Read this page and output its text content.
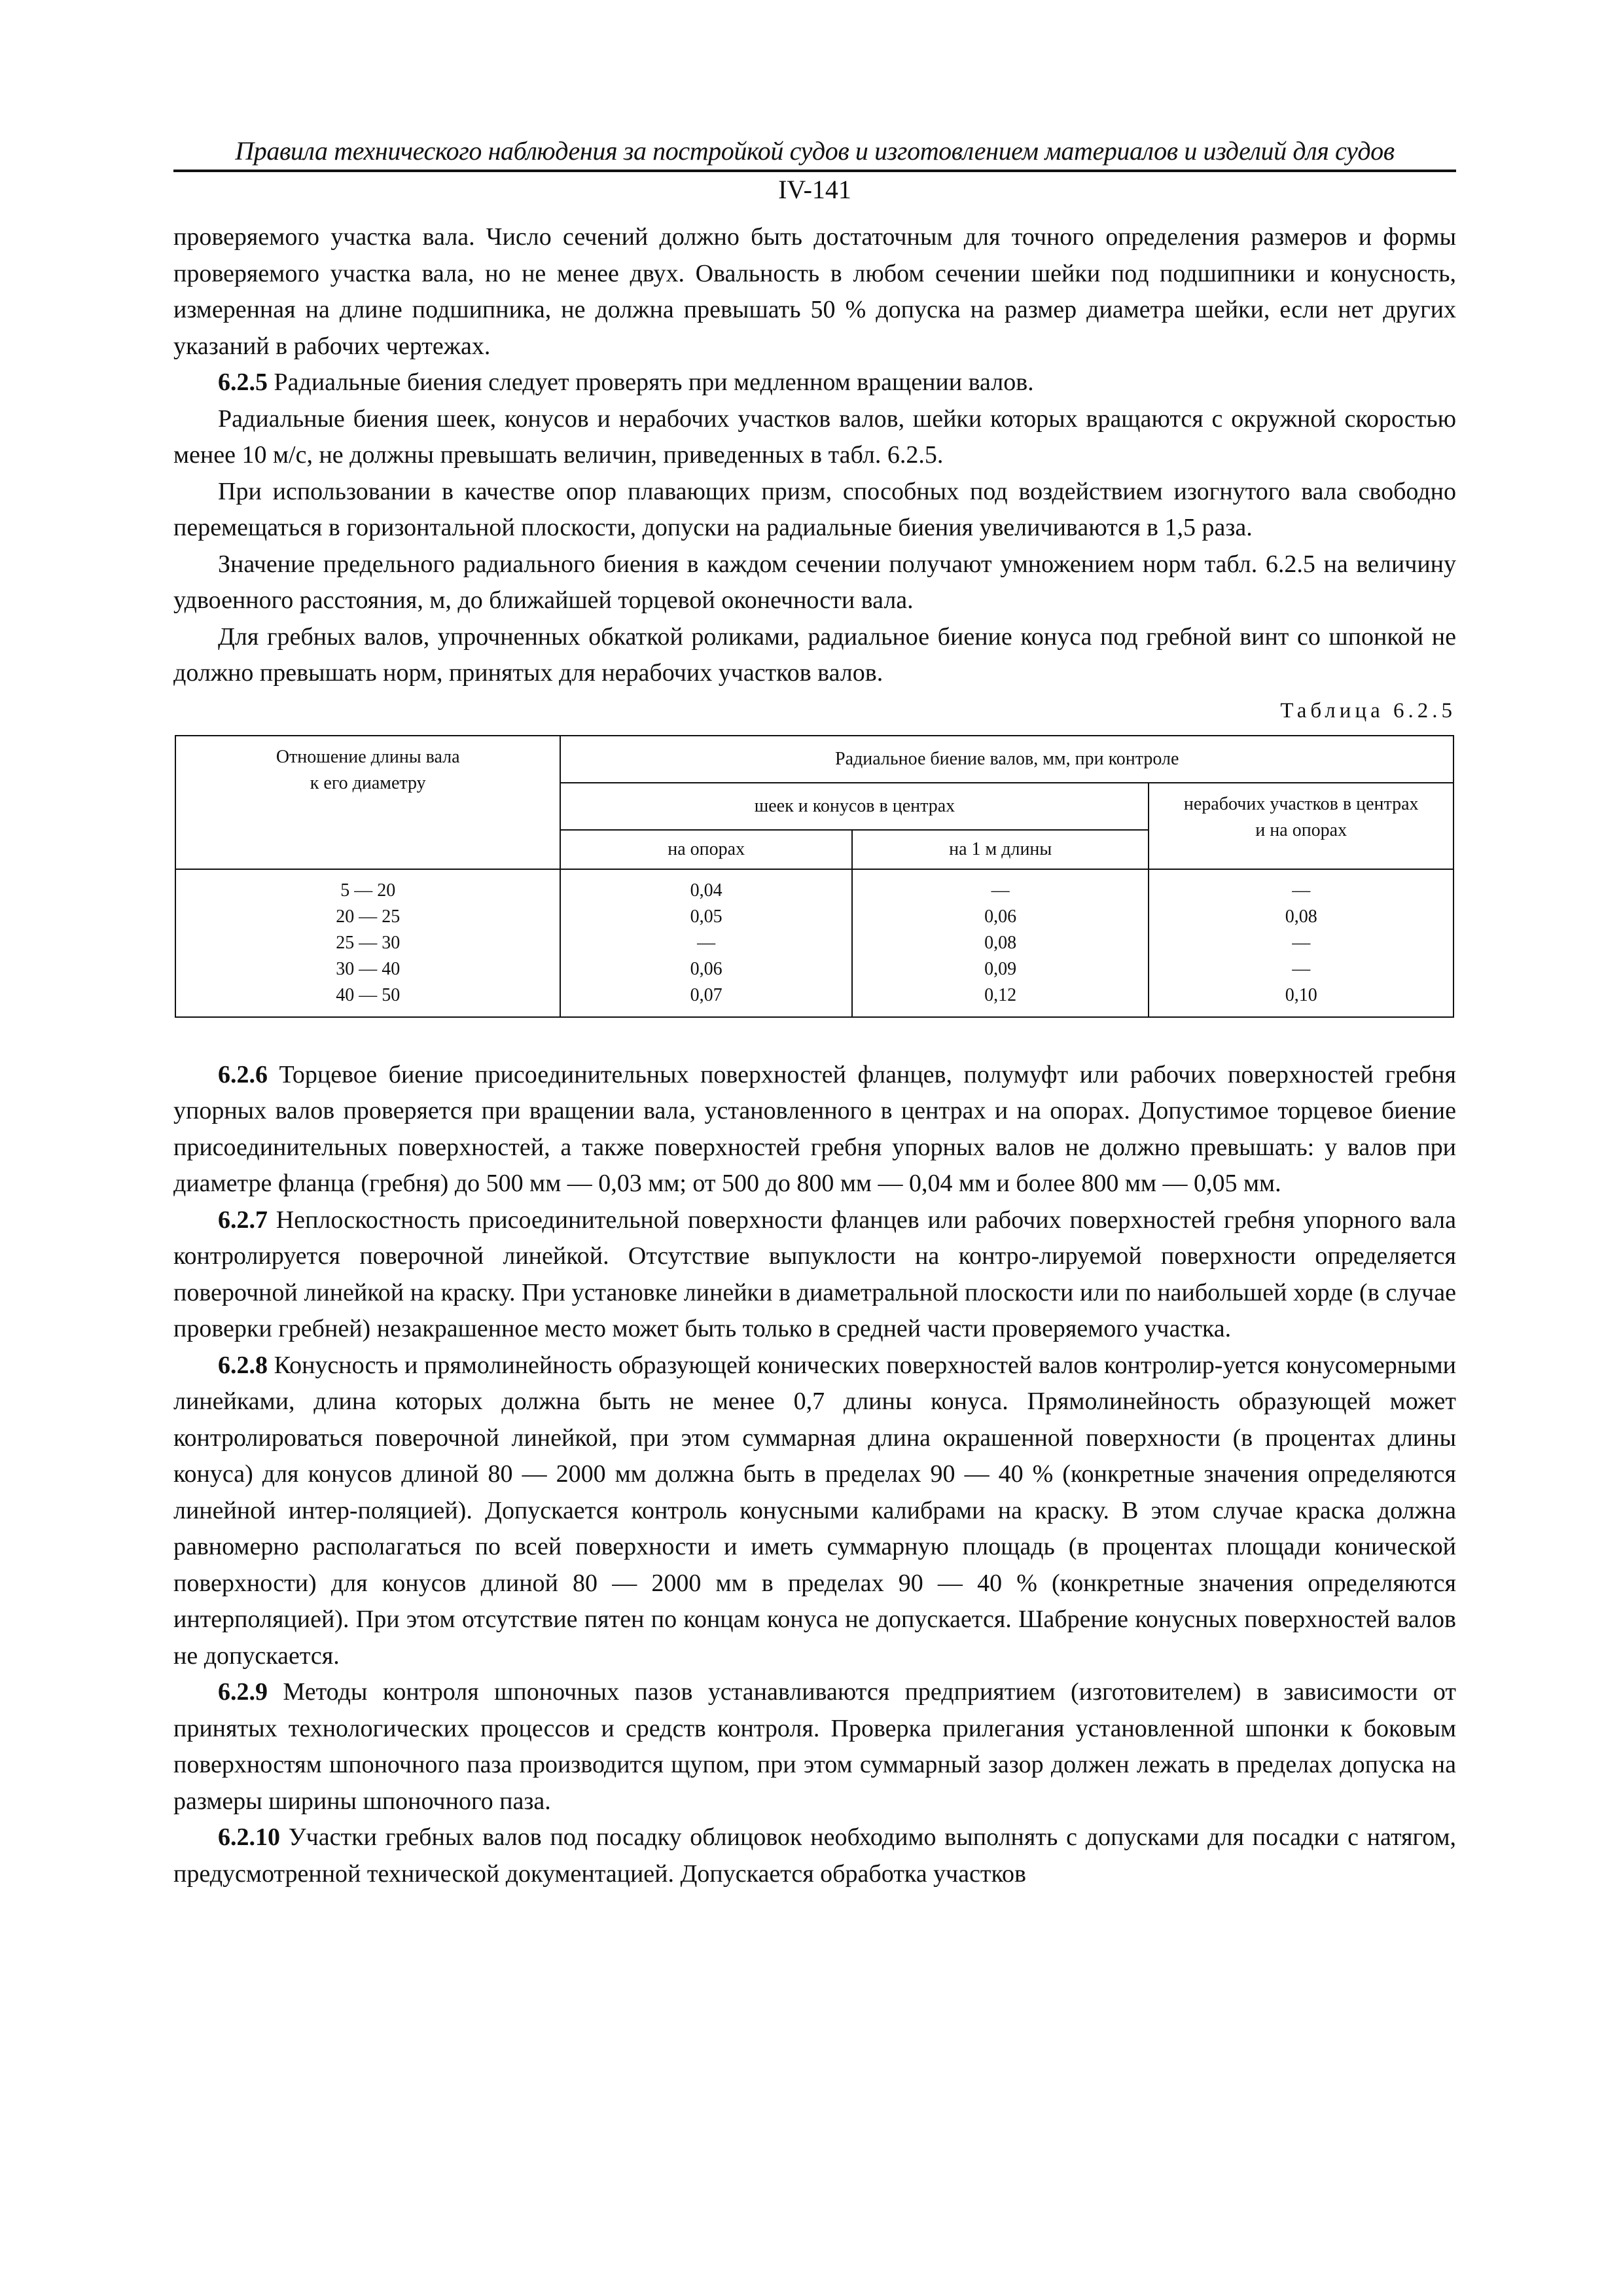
Правила технического наблюдения за постройкой судов и изготовлением материалов и изделий для судов
IV-141

проверяемого участка вала. Число сечений должно быть достаточным для точного определения размеров и формы проверяемого участка вала, но не менее двух. Овальность в любом сечении шейки под подшипники и конусность, измеренная на длине подшипника, не должна превышать 50 % допуска на размер диаметра шейки, если нет других указаний в рабочих чертежах.

6.2.5 Радиальные биения следует проверять при медленном вращении валов.

Радиальные биения шеек, конусов и нерабочих участков валов, шейки которых вращаются с окружной скоростью менее 10 м/с, не должны превышать величин, приведенных в табл. 6.2.5.

При использовании в качестве опор плавающих призм, способных под воздействием изогнутого вала свободно перемещаться в горизонтальной плоскости, допуски на радиальные биения увеличиваются в 1,5 раза.

Значение предельного радиального биения в каждом сечении получают умножением норм табл. 6.2.5 на величину удвоенного расстояния, м, до ближайшей торцевой оконечности вала.

Для гребных валов, упрочненных обкаткой роликами, радиальное биение конуса под гребной винт со шпонкой не должно превышать норм, принятых для нерабочих участков валов.

Таблица 6.2.5
Отношение длины вала
к его диаметру	Радиальное биение валов, мм, при контроле		
	шеек и конусов в центрах		нерабочих участков в центрах
и на опорах
	на опорах	на 1 м длины	
5 — 20	0,04	—	—
20 — 25	0,05	0,06	0,08
25 — 30	—	0,08	—
30 — 40	0,06	0,09	—
40 — 50	0,07	0,12	0,10

6.2.6 Торцевое биение присоединительных поверхностей фланцев, полумуфт или рабочих поверхностей гребня упорных валов проверяется при вращении вала, установленного в центрах и на опорах. Допустимое торцевое биение присоединительных поверхностей, а также поверхностей гребня упорных валов не должно превышать: у валов при диаметре фланца (гребня) до 500 мм — 0,03 мм; от 500 до 800 мм — 0,04 мм и более 800 мм — 0,05 мм.

6.2.7 Неплоскостность присоединительной поверхности фланцев или рабочих поверхностей гребня упорного вала контролируется поверочной линейкой. Отсутствие выпуклости на контро-лируемой поверхности определяется поверочной линейкой на краску. При установке линейки в диаметральной плоскости или по наибольшей хорде (в случае проверки гребней) незакрашенное место может быть только в средней части проверяемого участка.

6.2.8 Конусность и прямолинейность образующей конических поверхностей валов контролир-уется конусомерными линейками, длина которых должна быть не менее 0,7 длины конуса. Прямолинейность образующей может контролироваться поверочной линейкой, при этом суммарная длина окрашенной поверхности (в процентах длины конуса) для конусов длиной 80 — 2000 мм должна быть в пределах 90 — 40 % (конкретные значения определяются линейной интер-поляцией). Допускается контроль конусными калибрами на краску. В этом случае краска должна равномерно располагаться по всей поверхности и иметь суммарную площадь (в процентах площади конической поверхности) для конусов длиной 80 — 2000 мм в пределах 90 — 40 % (конкретные значения определяются интерполяцией). При этом отсутствие пятен по концам конуса не допускается. Шабрение конусных поверхностей валов не допускается.

6.2.9 Методы контроля шпоночных пазов устанавливаются предприятием (изготовителем) в зависимости от принятых технологических процессов и средств контроля. Проверка прилегания установленной шпонки к боковым поверхностям шпоночного паза производится щупом, при этом суммарный зазор должен лежать в пределах допуска на размеры ширины шпоночного паза.

6.2.10 Участки гребных валов под посадку облицовок необходимо выполнять с допусками для посадки с натягом, предусмотренной технической документацией. Допускается обработка участков
